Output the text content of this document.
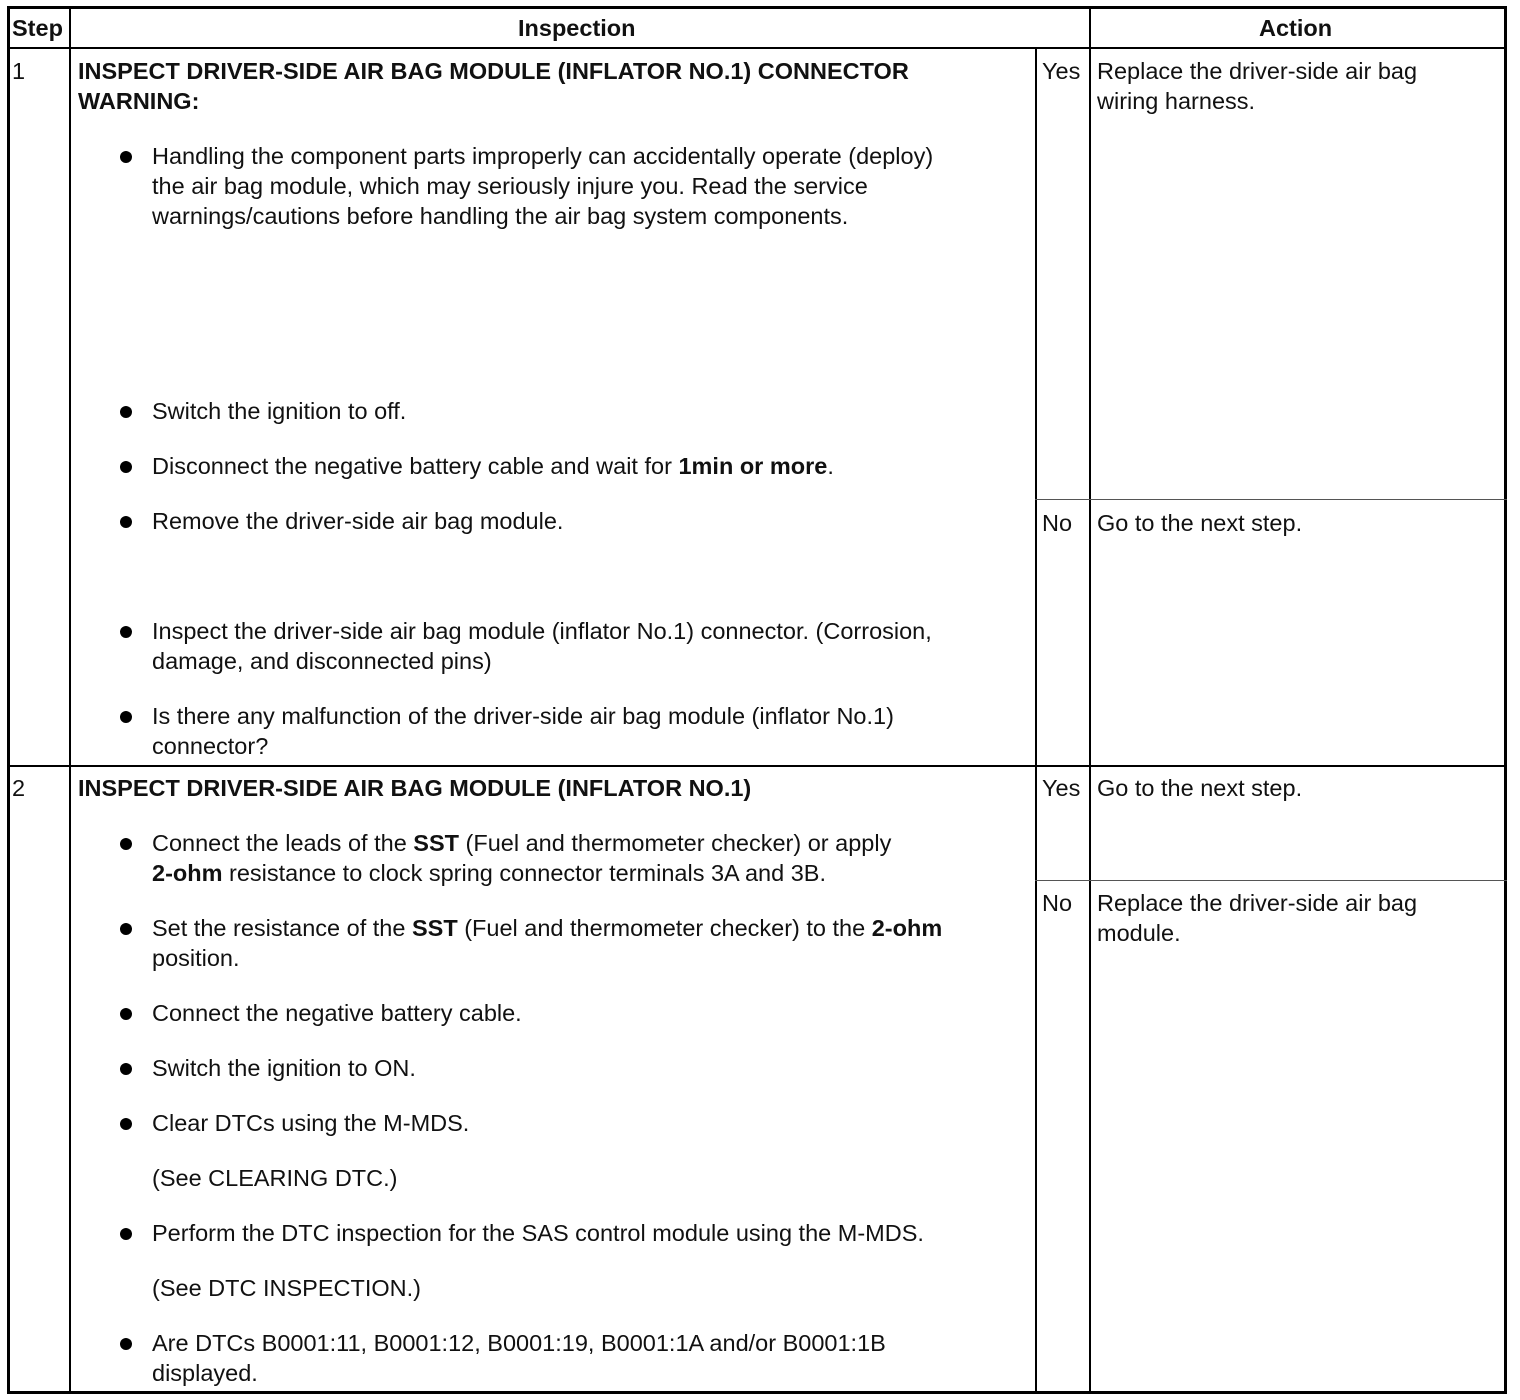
Step	Inspection	Action
1 INSPECT DRIVER-SIDE AIR BAG MODULE (INFLATOR NO.1) CONNECTOR
WARNING:
Handling the component parts improperly can accidentally operate (deploy)
the air bag module, which may seriously injure you. Read the service
warnings/cautions before handling the air bag system components.
Switch the ignition to off.
Disconnect the negative battery cable and wait for 1min or more.
Remove the driver-side air bag module.
Inspect the driver-side air bag module (inflator No.1) connector. (Corrosion,
damage, and disconnected pins)
Is there any malfunction of the driver-side air bag module (inflator No.1)
connector?
Yes Replace the driver-side air bag
wiring harness.
No Go to the next step.
2 INSPECT DRIVER-SIDE AIR BAG MODULE (INFLATOR NO.1)
Connect the leads of the SST (Fuel and thermometer checker) or apply
2-ohm resistance to clock spring connector terminals 3A and 3B.
Set the resistance of the SST (Fuel and thermometer checker) to the 2-ohm
position.
Connect the negative battery cable.
Switch the ignition to ON.
Clear DTCs using the M-MDS.
(See CLEARING DTC.)
Perform the DTC inspection for the SAS control module using the M-MDS.
(See DTC INSPECTION.)
Are DTCs B0001:11, B0001:12, B0001:19, B0001:1A and/or B0001:1B
displayed.
Yes Go to the next step.
No Replace the driver-side air bag
module.
